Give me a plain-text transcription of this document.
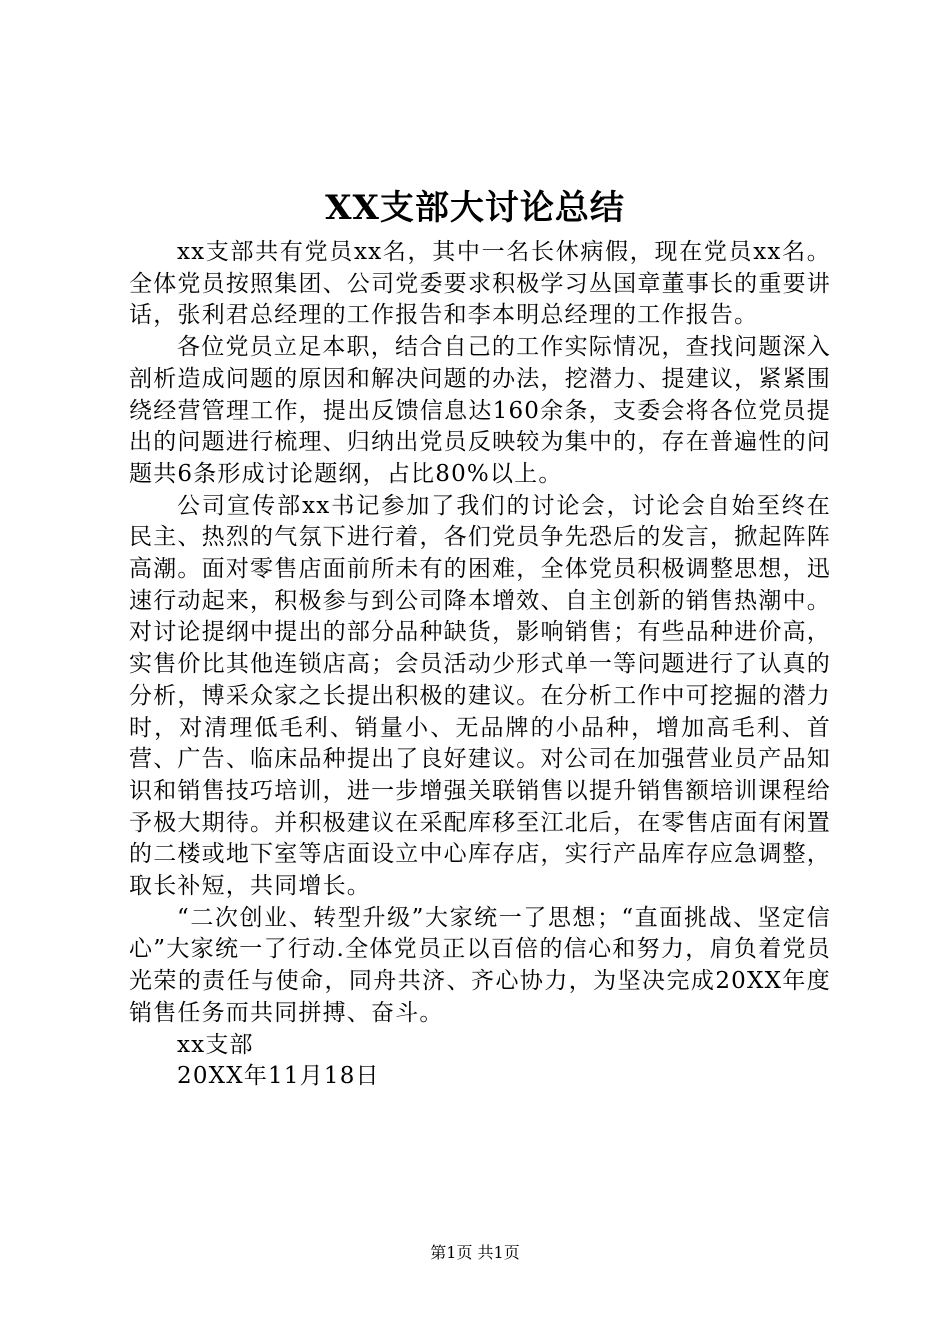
XX支部大讨论总结

xx支部共有党员xx名，其中一名长休病假，现在党员xx名。全体党员按照集团、公司党委要求积极学习丛国章董事长的重要讲话，张利君总经理的工作报告和李本明总经理的工作报告。

各位党员立足本职，结合自己的工作实际情况，查找问题深入剖析造成问题的原因和解决问题的办法，挖潜力、提建议，紧紧围绕经营管理工作，提出反馈信息达160余条，支委会将各位党员提出的问题进行梳理、归纳出党员反映较为集中的，存在普遍性的问题共6条形成讨论题纲，占比80%以上。

公司宣传部xx书记参加了我们的讨论会，讨论会自始至终在民主、热烈的气氛下进行着，各们党员争先恐后的发言，掀起阵阵高潮。面对零售店面前所未有的困难，全体党员积极调整思想，迅速行动起来，积极参与到公司降本增效、自主创新的销售热潮中。对讨论提纲中提出的部分品种缺货，影响销售；有些品种进价高，实售价比其他连锁店高；会员活动少形式单一等问题进行了认真的分析，博采众家之长提出积极的建议。在分析工作中可挖掘的潜力时，对清理低毛利、销量小、无品牌的小品种，增加高毛利、首营、广告、临床品种提出了良好建议。对公司在加强营业员产品知识和销售技巧培训，进一步增强关联销售以提升销售额培训课程给予极大期待。并积极建议在采配库移至江北后，在零售店面有闲置的二楼或地下室等店面设立中心库存店，实行产品库存应急调整，取长补短，共同增长。

“二次创业、转型升级”大家统一了思想；“直面挑战、坚定信心”大家统一了行动.全体党员正以百倍的信心和努力，肩负着党员光荣的责任与使命，同舟共济、齐心协力，为坚决完成20XX年度销售任务而共同拼搏、奋斗。

xx支部
20XX年11月18日
第1页 共1页
